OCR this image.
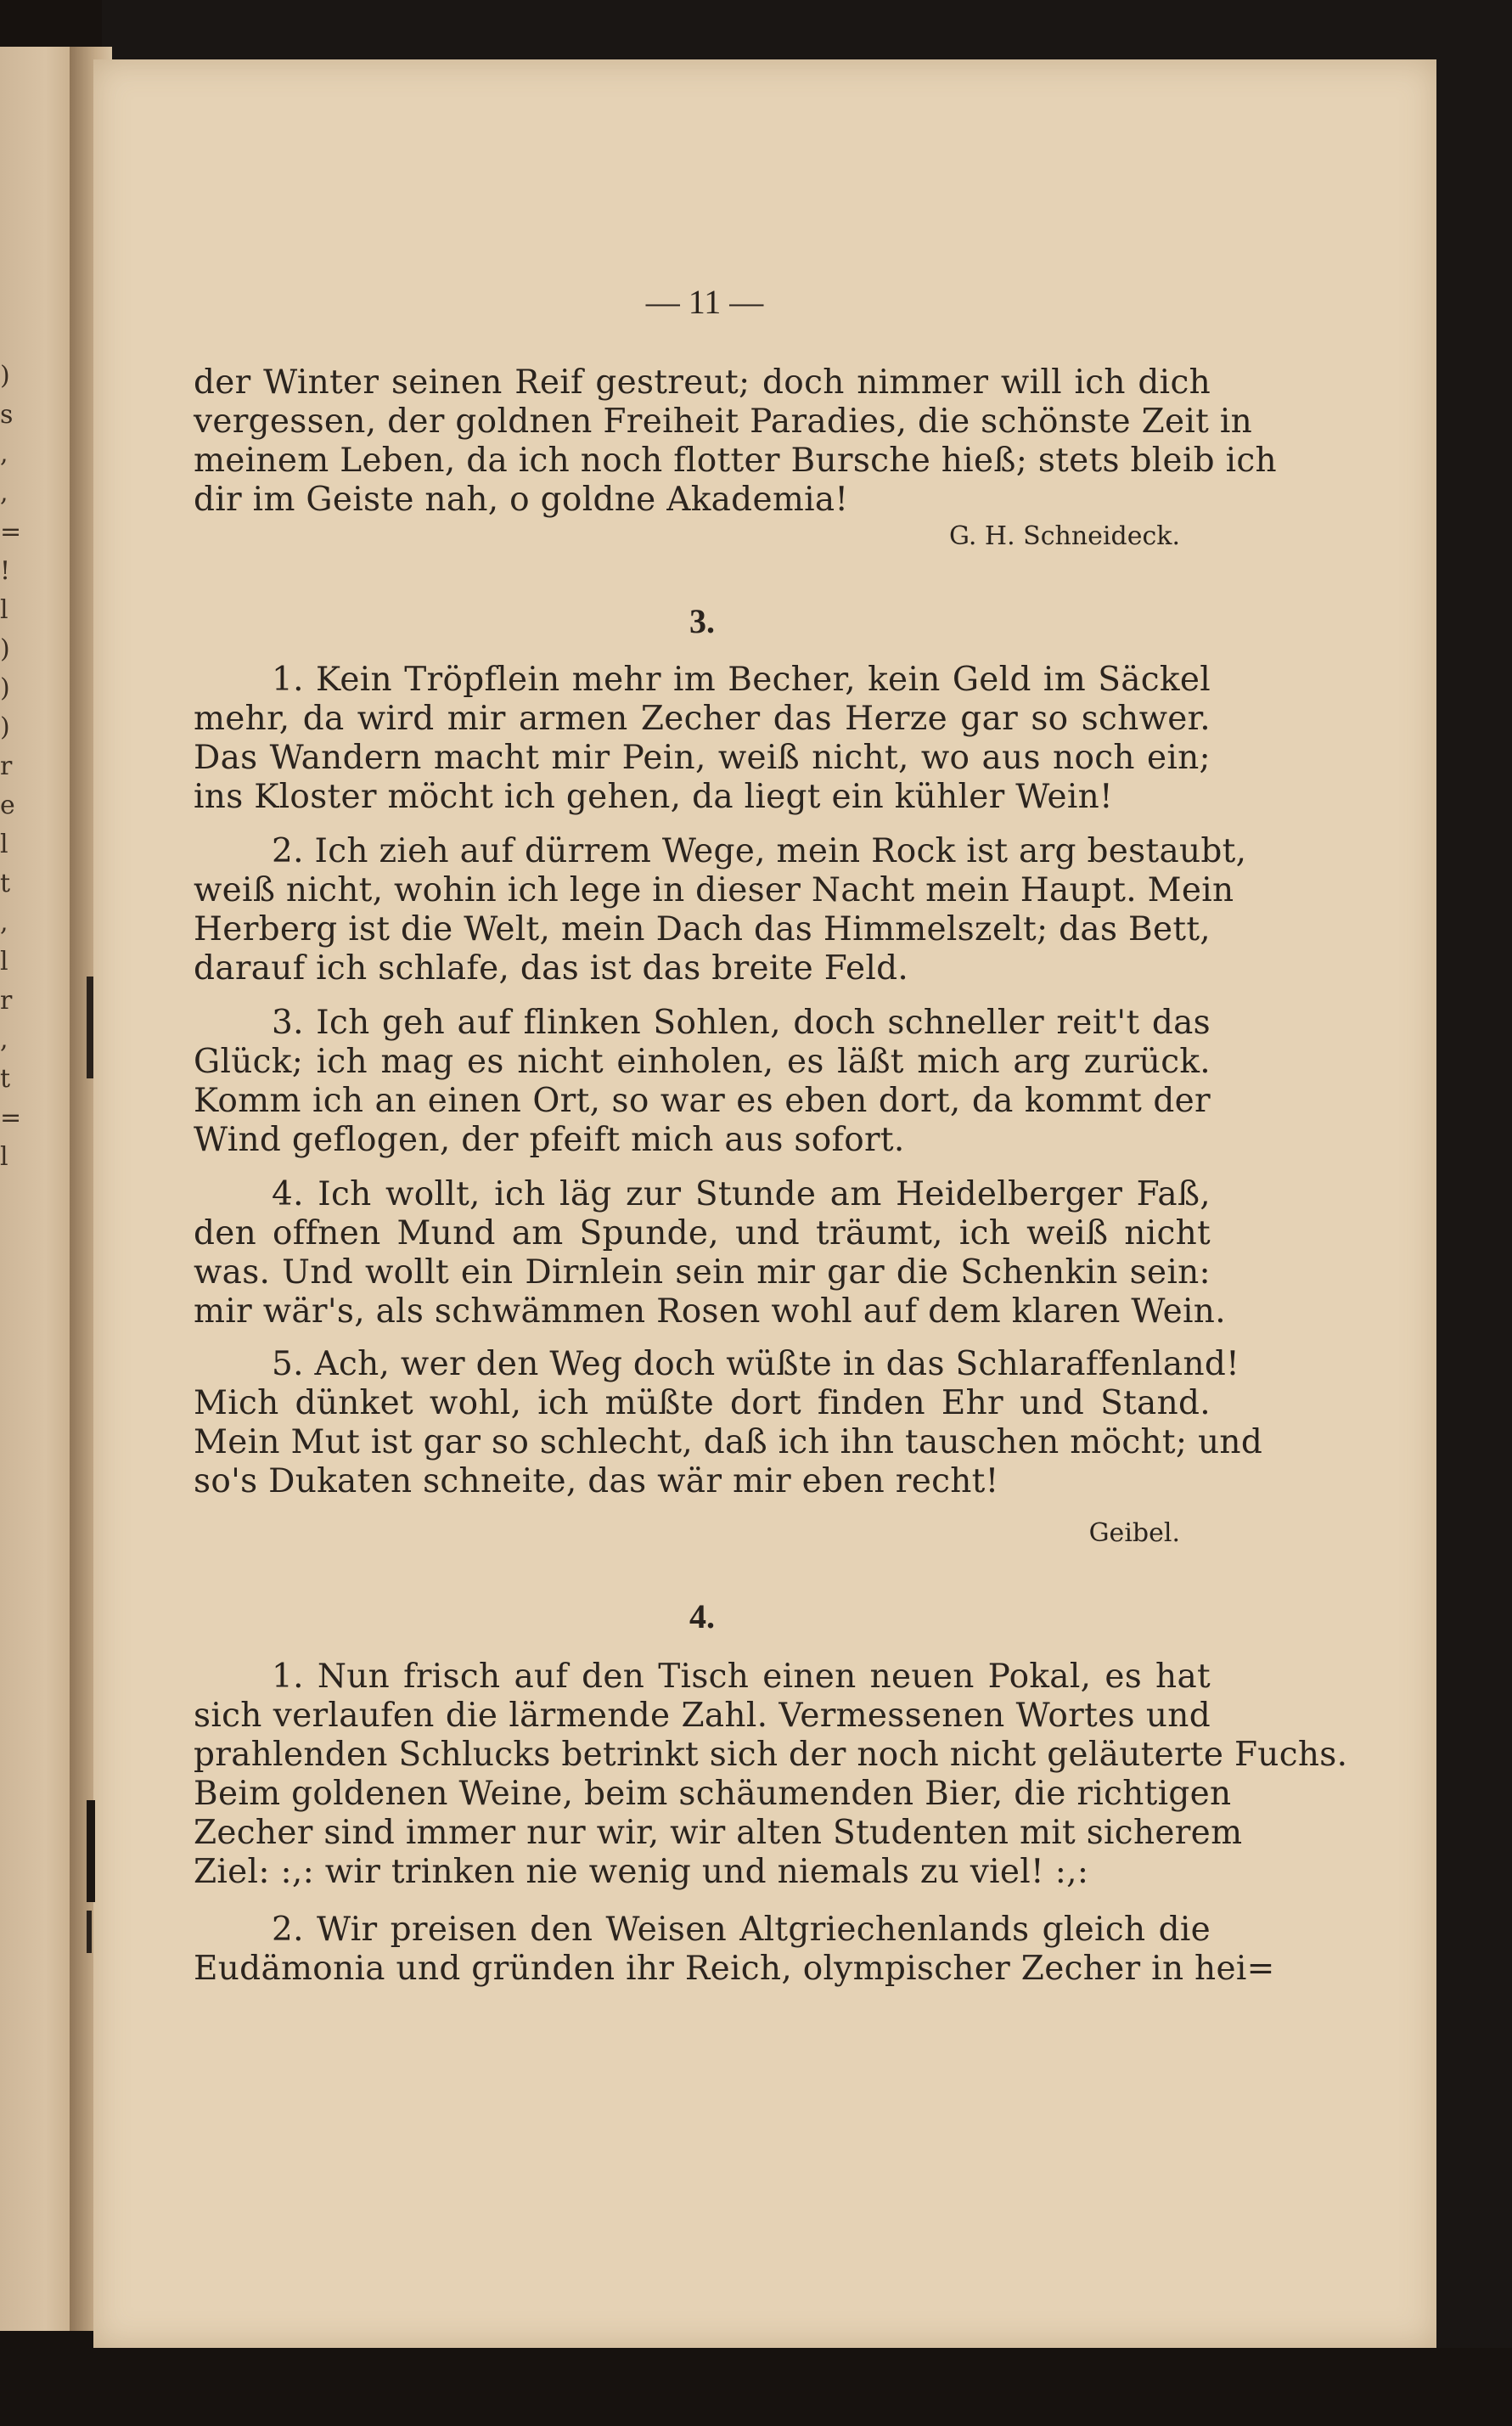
)
s
,
,
=
!
l
)
)
)
r
e
l
t
,
l
r
,
t
=
l
— 11 —
der Winter seinen Reif gestreut; doch nimmer will ich dich
vergessen, der goldnen Freiheit Paradies, die schönste Zeit in
meinem Leben, da ich noch flotter Bursche hieß; stets bleib ich
dir im Geiste nah, o goldne Akademia!
G. H. Schneideck.
3.
1. Kein Tröpflein mehr im Becher, kein Geld im Säckel
mehr, da wird mir armen Zecher das Herze gar so schwer.
Das Wandern macht mir Pein, weiß nicht, wo aus noch ein;
ins Kloster möcht ich gehen, da liegt ein kühler Wein!
2. Ich zieh auf dürrem Wege, mein Rock ist arg bestaubt,
weiß nicht, wohin ich lege in dieser Nacht mein Haupt. Mein
Herberg ist die Welt, mein Dach das Himmelszelt; das Bett,
darauf ich schlafe, das ist das breite Feld.
3. Ich geh auf flinken Sohlen, doch schneller reit't das
Glück; ich mag es nicht einholen, es läßt mich arg zurück.
Komm ich an einen Ort, so war es eben dort, da kommt der
Wind geflogen, der pfeift mich aus sofort.
4. Ich wollt, ich läg zur Stunde am Heidelberger Faß,
den offnen Mund am Spunde, und träumt, ich weiß nicht
was. Und wollt ein Dirnlein sein mir gar die Schenkin sein:
mir wär's, als schwämmen Rosen wohl auf dem klaren Wein.
5. Ach, wer den Weg doch wüßte in das Schlaraffenland!
Mich dünket wohl, ich müßte dort finden Ehr und Stand.
Mein Mut ist gar so schlecht, daß ich ihn tauschen möcht; und
so's Dukaten schneite, das wär mir eben recht!
Geibel.
4.
1. Nun frisch auf den Tisch einen neuen Pokal, es hat
sich verlaufen die lärmende Zahl. Vermessenen Wortes und
prahlenden Schlucks betrinkt sich der noch nicht geläuterte Fuchs.
Beim goldenen Weine, beim schäumenden Bier, die richtigen
Zecher sind immer nur wir, wir alten Studenten mit sicherem
Ziel: :,: wir trinken nie wenig und niemals zu viel! :,:
2. Wir preisen den Weisen Altgriechenlands gleich die
Eudämonia und gründen ihr Reich, olympischer Zecher in hei=
